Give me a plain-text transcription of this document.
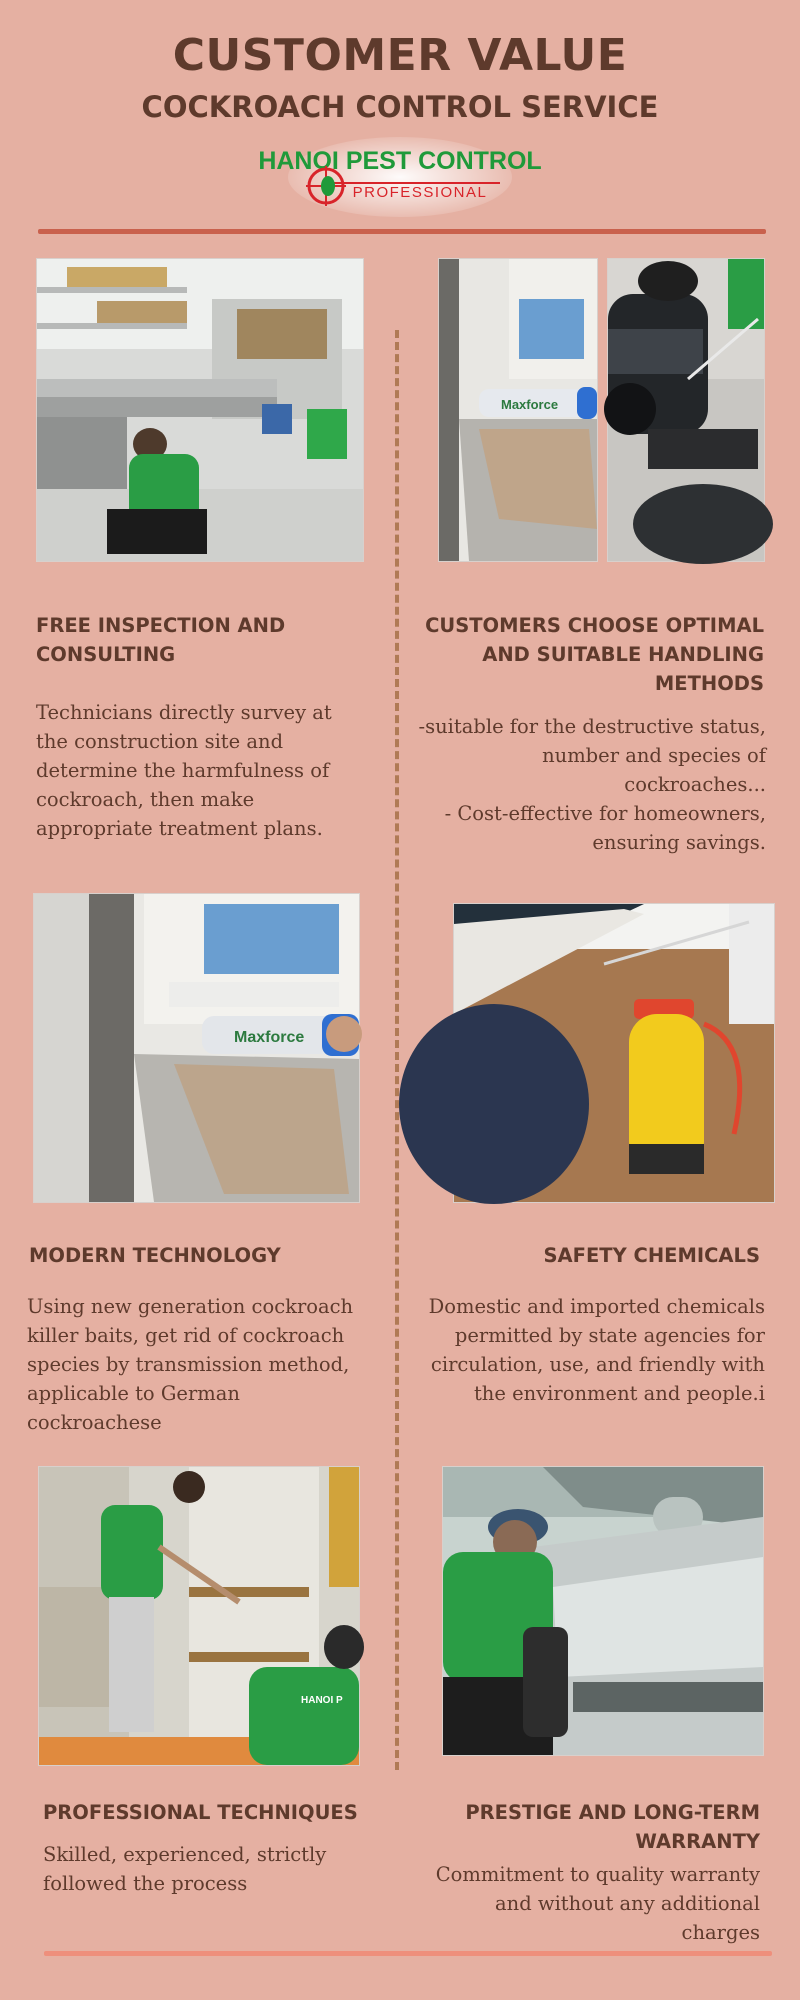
CUSTOMER VALUE
COCKROACH CONTROL SERVICE
HANOI PEST CONTROL
PROFESSIONAL
Maxforce
FREE INSPECTION AND
CONSULTING
Technicians directly survey at
the construction site and
determine the harmfulness of
cockroach, then make
appropriate treatment plans.
CUSTOMERS CHOOSE OPTIMAL
AND SUITABLE HANDLING
METHODS
-suitable for the destructive status,
number and species of
cockroaches...
- Cost-effective for homeowners,
ensuring savings.
Maxforce
MODERN TECHNOLOGY
Using new generation cockroach
killer baits, get rid of cockroach
species by transmission method,
applicable to German
cockroachese
SAFETY CHEMICALS
Domestic and imported chemicals
permitted by state agencies for
circulation, use, and friendly with
the environment and people.i
HANOI P
PROFESSIONAL TECHNIQUES
Skilled, experienced, strictly
followed the process
PRESTIGE AND LONG-TERM
WARRANTY
Commitment to quality warranty
and without any additional
charges
